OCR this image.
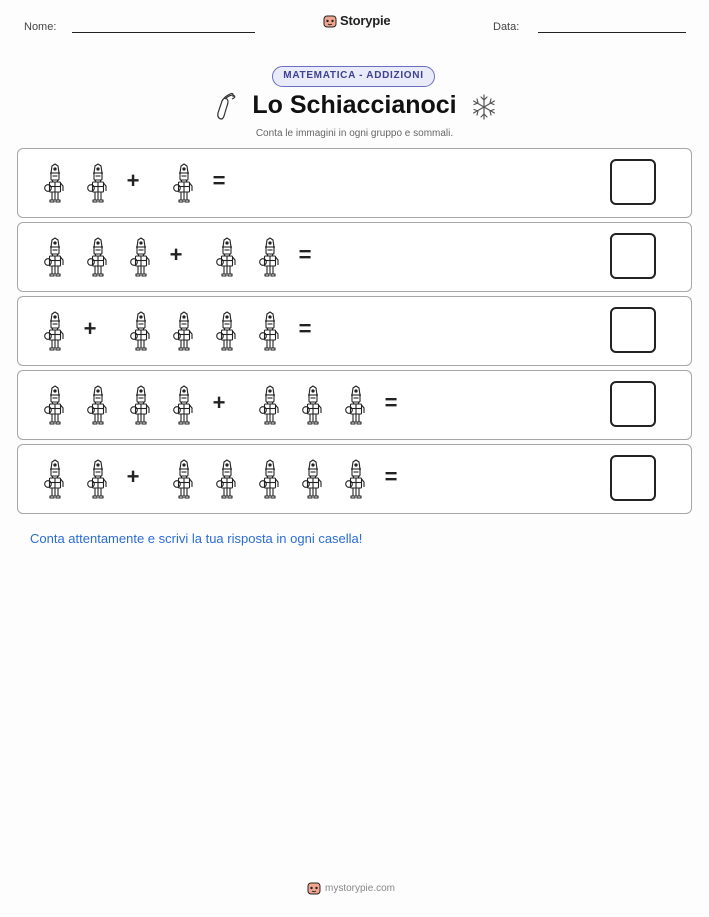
Nome:	Storypie	Data:
MATEMATICA - ADDIZIONI
Lo Schiaccianoci
Conta le immagini in ogni gruppo e sommali.
+	=
+	=
+	=
+	=
+	=
Conta attentamente e scrivi la tua risposta in ogni casella!
mystorypie.com
